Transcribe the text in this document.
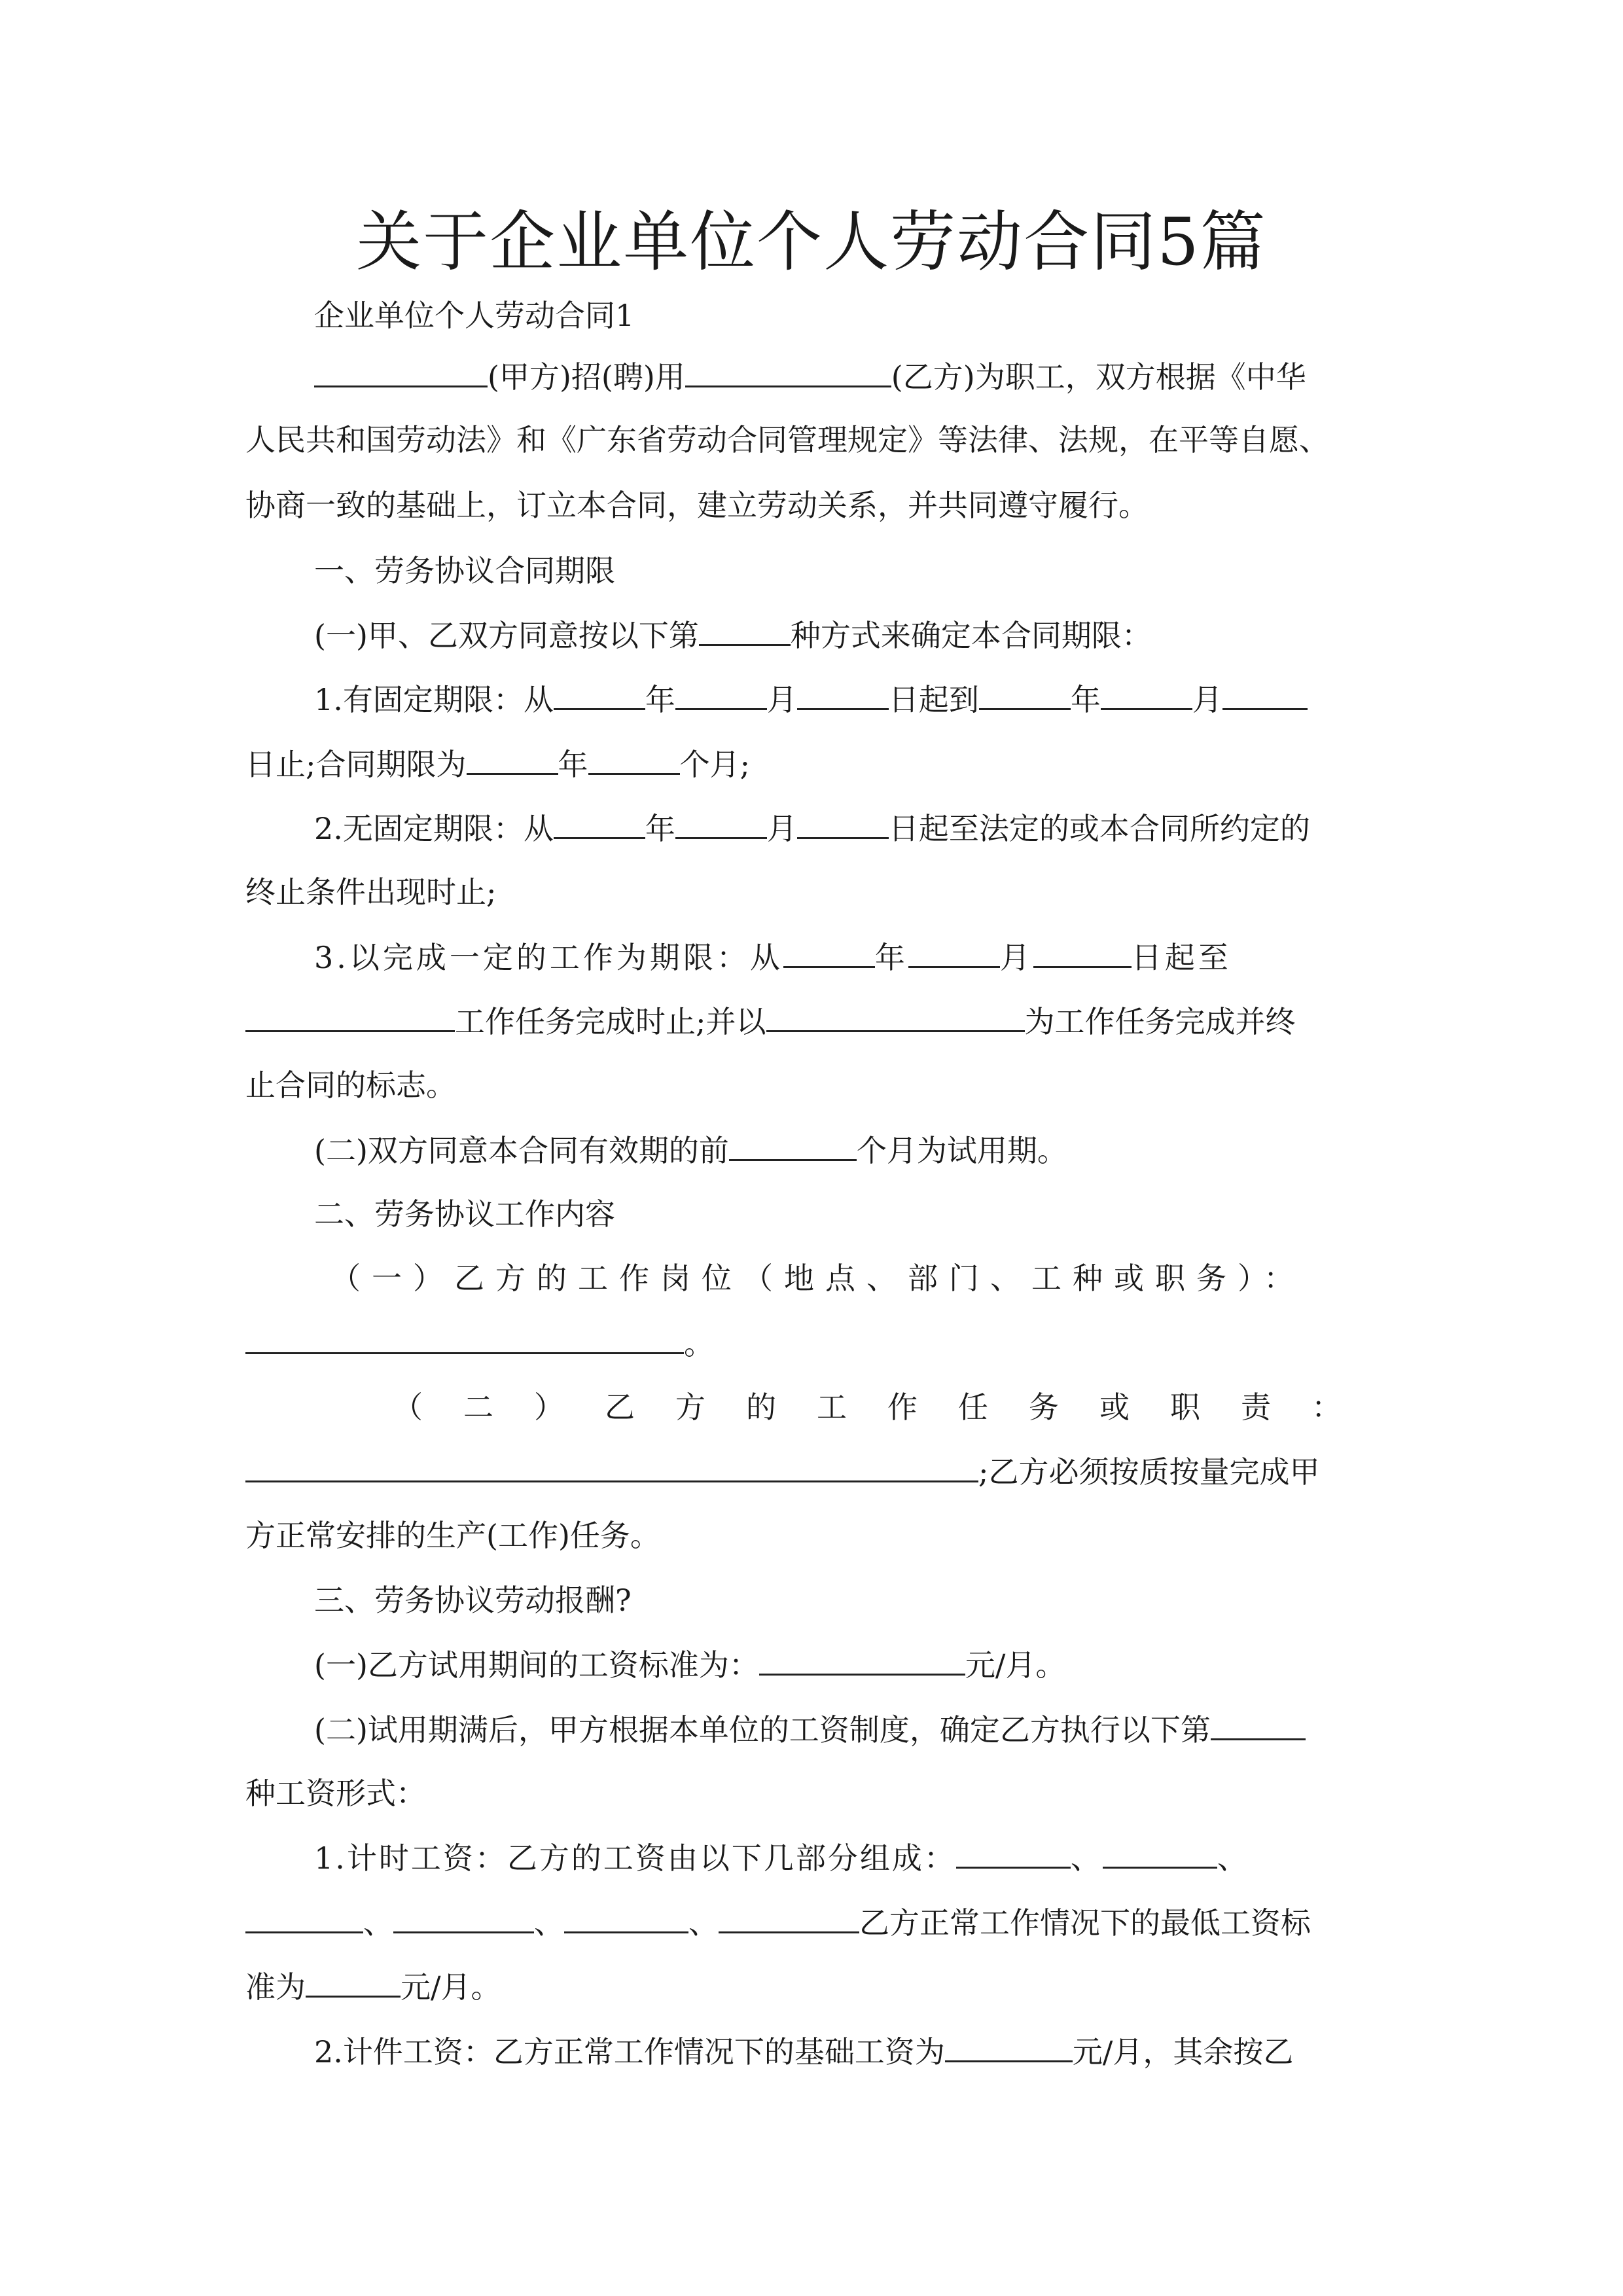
关于企业单位个人劳动合同5篇
企业单位个人劳动合同1
(甲方)招(聘)用	(乙方)为职工，双方根据《中华
人民共和国劳动法》和《广东省劳动合同管理规定》等法律、法规，在平等自愿、
协商一致的基础上，订立本合同，建立劳动关系，并共同遵守履行。
一、劳务协议合同期限
(一)甲、乙双方同意按以下第	种方式来确定本合同期限：
1.有固定期限：从	年	月	日起到	年	月
日止;合同期限为	年	个月;
2.无固定期限：从	年	月	日起至法定的或本合同所约定的
终止条件出现时止;
3.以完成一定的工作为期限：从	年	月	日起至
工作任务完成时止;并以	为工作任务完成并终
止合同的标志。
(二)双方同意本合同有效期的前	个月为试用期。
二、劳务协议工作内容
（一）乙方的工作岗位（地点、部门、工种或职务）：
。
（二）乙方的工作任务或职责：
;乙方必须按质按量完成甲
方正常安排的生产(工作)任务。
三、劳务协议劳动报酬?
(一)乙方试用期间的工资标准为：	元/月。
(二)试用期满后，甲方根据本单位的工资制度，确定乙方执行以下第
种工资形式：
1.计时工资：乙方的工资由以下几部分组成：	、	、
、	、	、	乙方正常工作情况下的最低工资标
准为	元/月。
2.计件工资：乙方正常工作情况下的基础工资为	元/月，其余按乙
